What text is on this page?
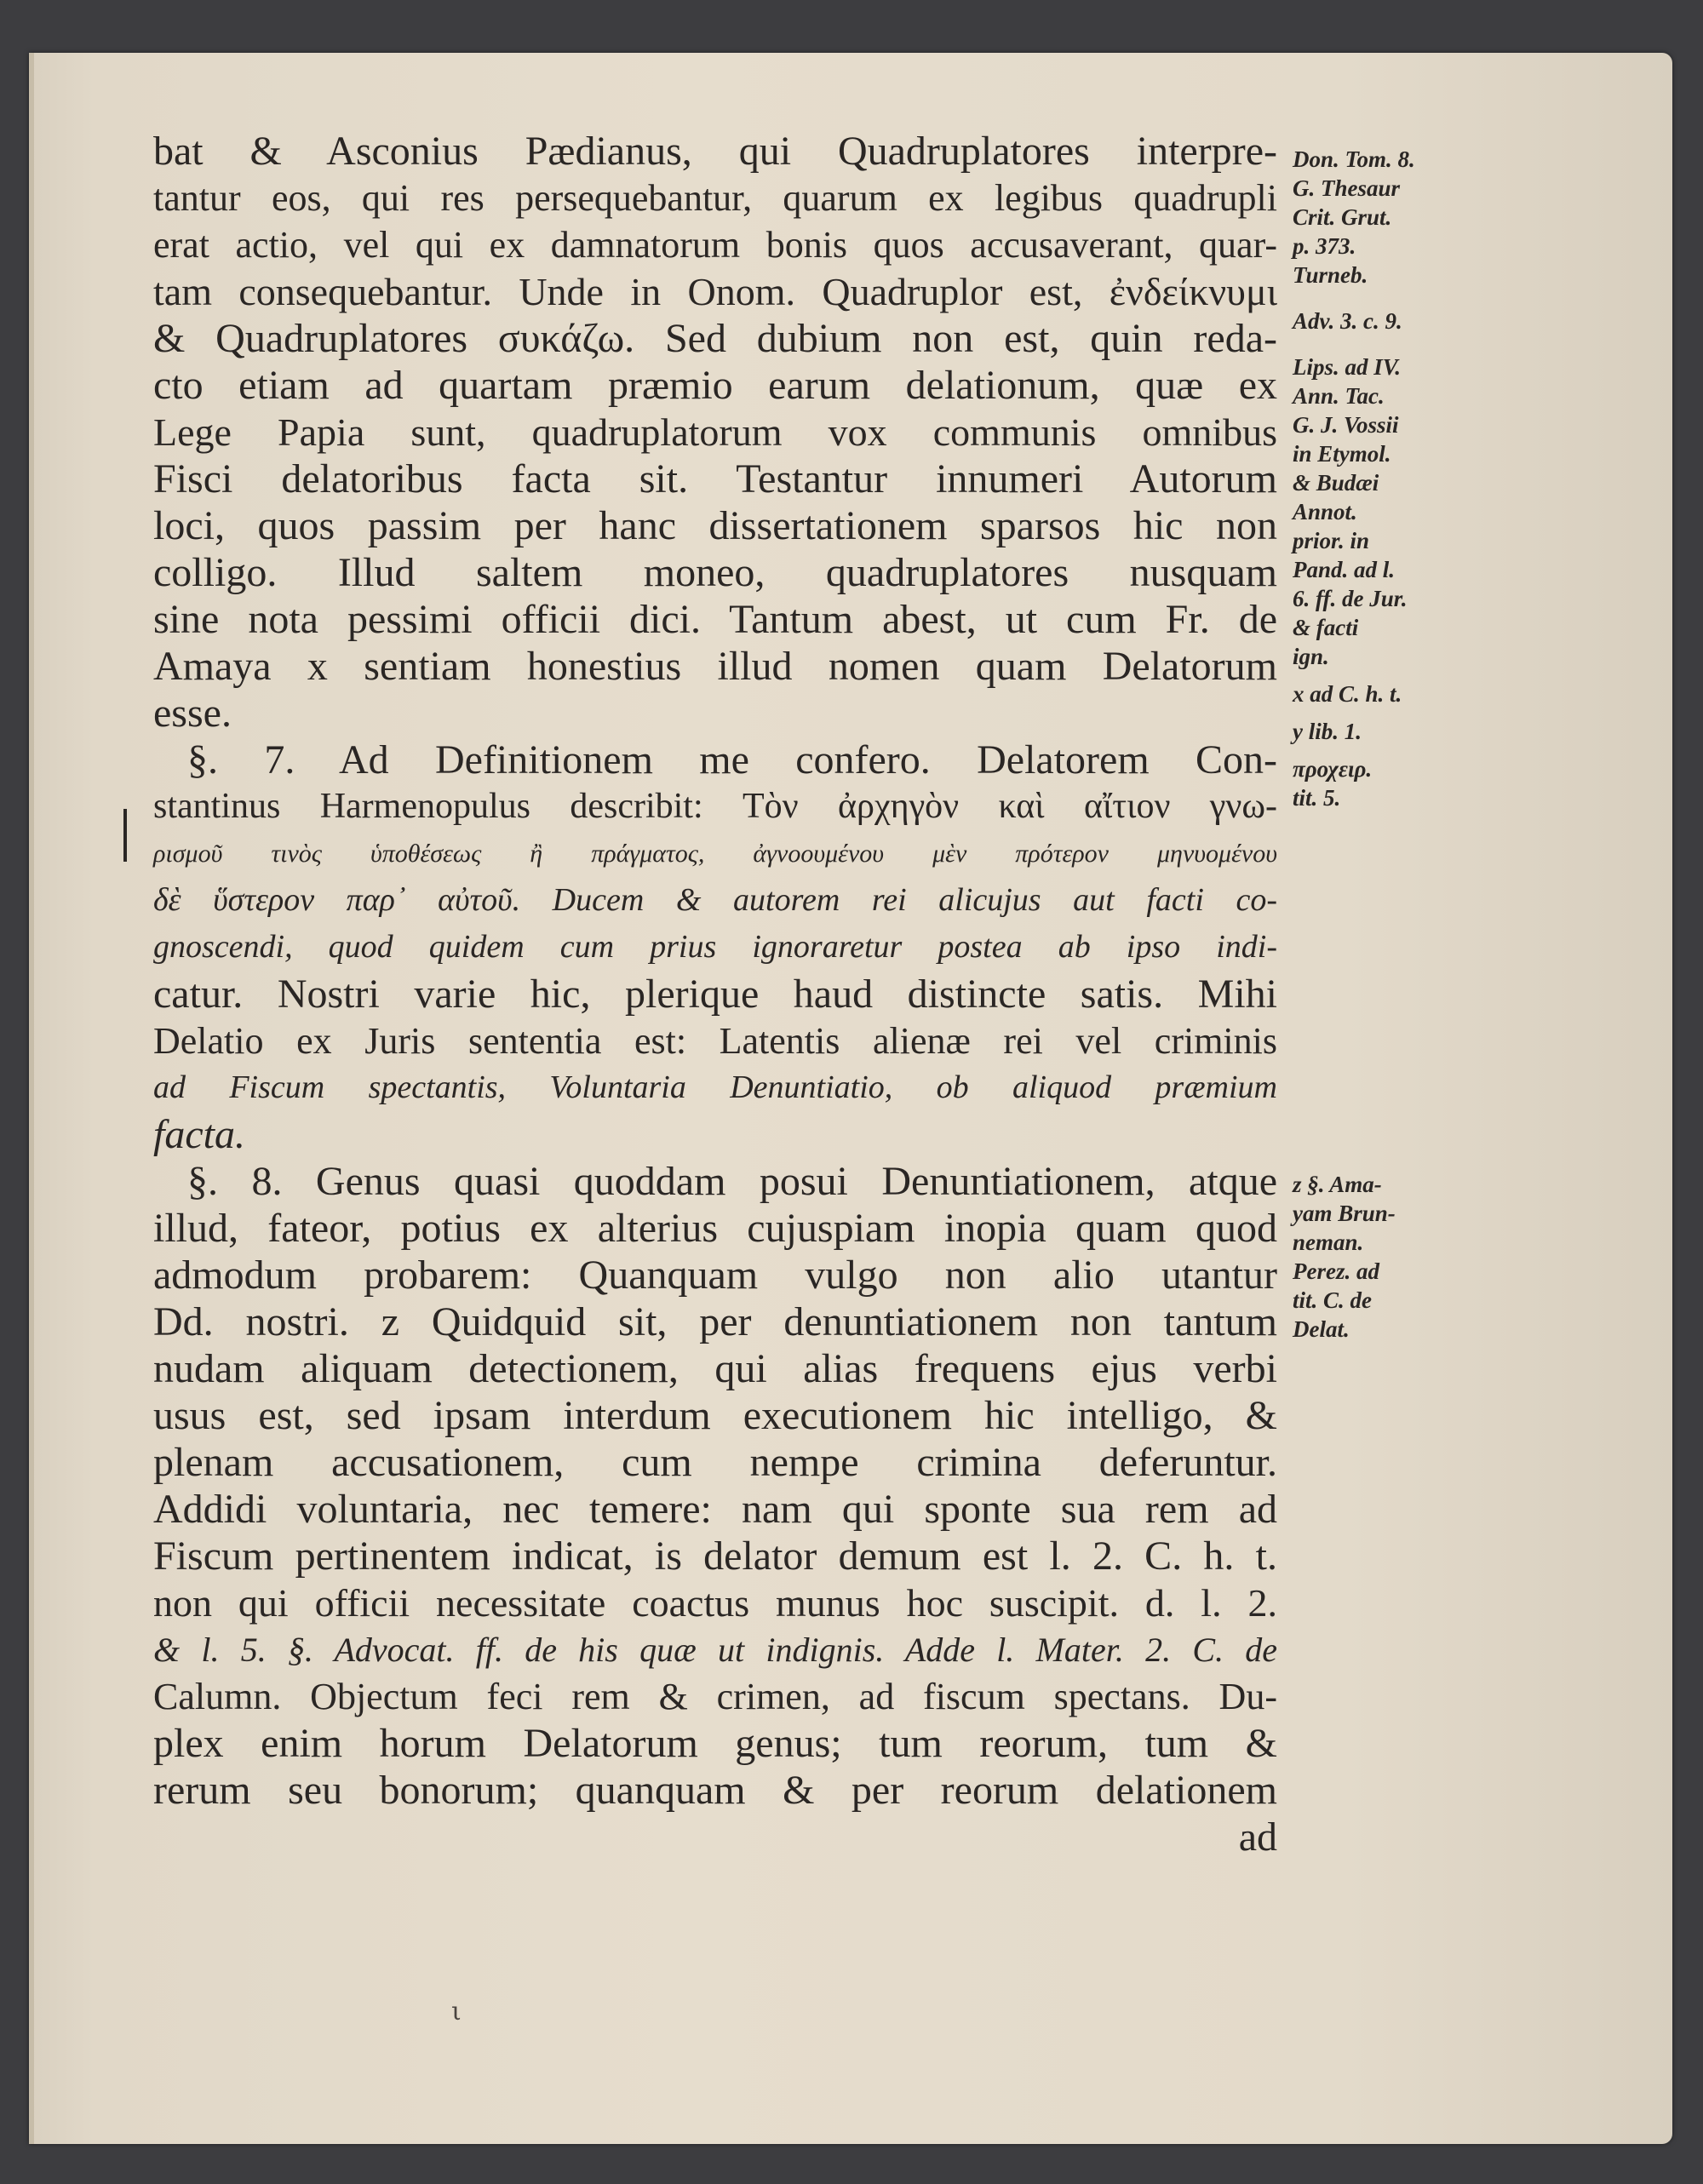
ι
bat & Asconius Pædianus, qui Quadruplatores interpre-
tantur eos, qui res persequebantur, quarum ex legibus quadrupli
erat actio, vel qui ex damnatorum bonis quos accusaverant, quar-
tam consequebantur. Unde in Onom. Quadruplor est, ἐνδείκνυμι
& Quadruplatores συκάζω. Sed dubium non est, quin reda-
cto etiam ad quartam præmio earum delationum, quæ ex
Lege Papia sunt, quadruplatorum vox communis omnibus
Fisci delatoribus facta sit. Testantur innumeri Autorum
loci, quos passim per hanc dissertationem sparsos hic non
colligo. Illud saltem moneo, quadruplatores nusquam
sine nota pessimi officii dici. Tantum abest, ut cum Fr. de
Amaya x sentiam honestius illud nomen quam Delatorum
esse.
§. 7. Ad Definitionem me confero. Delatorem Con-
stantinus Harmenopulus describit: Τὸν ἀρχηγὸν καὶ αἴτιον γνω-
ρισμοῦ τινὸς ὑποθέσεως ἢ πράγματος, ἀγνοουμένου μὲν πρότερον μηνυομένου
δὲ ὕστερον παρ᾽ αὐτοῦ. Ducem & autorem rei alicujus aut facti co-
gnoscendi, quod quidem cum prius ignoraretur postea ab ipso indi-
catur. Nostri varie hic, plerique haud distincte satis. Mihi
Delatio ex Juris sententia est: Latentis alienæ rei vel criminis
ad Fiscum spectantis, Voluntaria Denuntiatio, ob aliquod præmium
facta.
§. 8. Genus quasi quoddam posui Denuntiationem, atque
illud, fateor, potius ex alterius cujuspiam inopia quam quod
admodum probarem: Quanquam vulgo non alio utantur
Dd. nostri. z Quidquid sit, per denuntiationem non tantum
nudam aliquam detectionem, qui alias frequens ejus verbi
usus est, sed ipsam interdum executionem hic intelligo, &
plenam accusationem, cum nempe crimina deferuntur.
Addidi voluntaria, nec temere: nam qui sponte sua rem ad
Fiscum pertinentem indicat, is delator demum est l. 2. C. h. t.
non qui officii necessitate coactus munus hoc suscipit. d. l. 2.
& l. 5. §. Advocat. ff. de his quæ ut indignis. Adde l. Mater. 2. C. de
Calumn. Objectum feci rem & crimen, ad fiscum spectans. Du-
plex enim horum Delatorum genus; tum reorum, tum &
rerum seu bonorum; quanquam & per reorum delationem
ad
Don. Tom. 8.
G. Thesaur
Crit. Grut.
p. 373.
Turneb.
Adv. 3. c. 9.
Lips. ad IV.
Ann. Tac.
G. J. Vossii
in Etymol.
& Budæi
Annot.
prior. in
Pand. ad l.
6. ff. de Jur.
& facti
ign.
x ad C. h. t.
y lib. 1.
προχειρ.
tit. 5.
z §. Ama-
yam Brun-
neman.
Perez. ad
tit. C. de
Delat.
